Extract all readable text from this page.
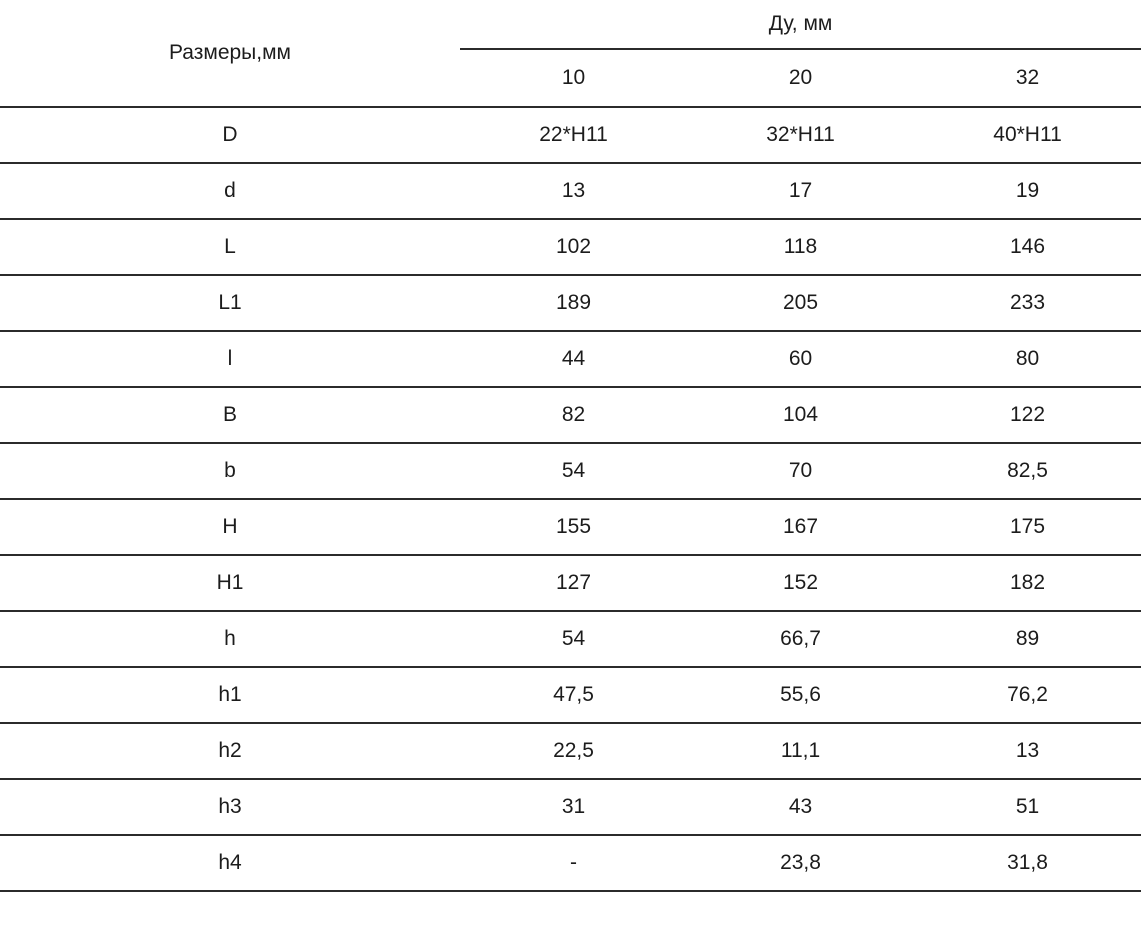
Размеры,мм	Ду, мм		
	10	20	32
D	22*H11	32*H11	40*H11
d	13	17	19
L	102	118	146
L1	189	205	233
l	44	60	80
B	82	104	122
b	54	70	82,5
H	155	167	175
H1	127	152	182
h	54	66,7	89
h1	47,5	55,6	76,2
h2	22,5	11,1	13
h3	31	43	51
h4	-	23,8	31,8
